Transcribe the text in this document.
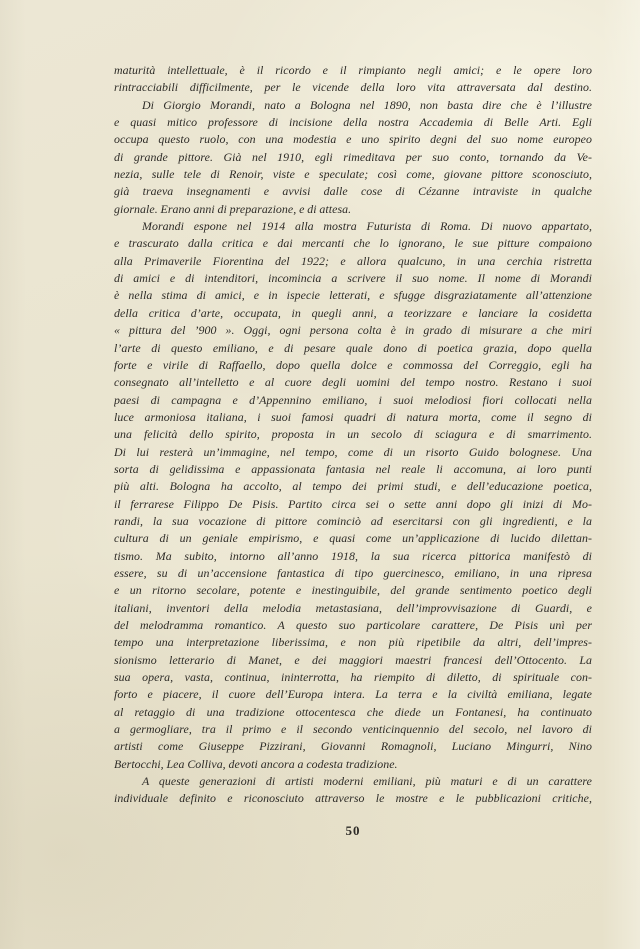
maturità intellettuale, è il ricordo e il rimpianto negli amici; e le opere loro
rintracciabili difficilmente, per le vicende della loro vita attraversata dal destino.
Di Giorgio Morandi, nato a Bologna nel 1890, non basta dire che è l’illustre
e quasi mitico professore di incisione della nostra Accademia di Belle Arti. Egli
occupa questo ruolo, con una modestia e uno spirito degni del suo nome europeo
di grande pittore. Già nel 1910, egli rimeditava per suo conto, tornando da Ve-
nezia, sulle tele di Renoir, viste e speculate; così come, giovane pittore sconosciuto,
già traeva insegnamenti e avvisi dalle cose di Cézanne intraviste in qualche
giornale. Erano anni di preparazione, e di attesa.
Morandi espone nel 1914 alla mostra Futurista di Roma. Di nuovo appartato,
e trascurato dalla critica e dai mercanti che lo ignorano, le sue pitture compaiono
alla Primaverile Fiorentina del 1922; e allora qualcuno, in una cerchia ristretta
di amici e di intenditori, incomincia a scrivere il suo nome. Il nome di Morandi
è nella stima di amici, e in ispecie letterati, e sfugge disgraziatamente all’attenzione
della critica d’arte, occupata, in quegli anni, a teorizzare e lanciare la cosidetta
« pittura del ’900 ». Oggi, ogni persona colta è in grado di misurare a che miri
l’arte di questo emiliano, e di pesare quale dono di poetica grazia, dopo quella
forte e virile di Raffaello, dopo quella dolce e commossa del Correggio, egli ha
consegnato all’intelletto e al cuore degli uomini del tempo nostro. Restano i suoi
paesi di campagna e d’Appennino emiliano, i suoi melodiosi fiori collocati nella
luce armoniosa italiana, i suoi famosi quadri di natura morta, come il segno di
una felicità dello spirito, proposta in un secolo di sciagura e di smarrimento.
Di lui resterà un’immagine, nel tempo, come di un risorto Guido bolognese. Una
sorta di gelidissima e appassionata fantasia nel reale li accomuna, ai loro punti
più alti. Bologna ha accolto, al tempo dei primi studi, e dell’educazione poetica,
il ferrarese Filippo De Pisis. Partito circa sei o sette anni dopo gli inizi di Mo-
randi, la sua vocazione di pittore cominciò ad esercitarsi con gli ingredienti, e la
cultura di un geniale empirismo, e quasi come un’applicazione di lucido dilettan-
tismo. Ma subito, intorno all’anno 1918, la sua ricerca pittorica manifestò di
essere, su di un’accensione fantastica di tipo guercinesco, emiliano, in una ripresa
e un ritorno secolare, potente e inestinguibile, del grande sentimento poetico degli
italiani, inventori della melodia metastasiana, dell’improvvisazione di Guardi, e
del melodramma romantico. A questo suo particolare carattere, De Pisis unì per
tempo una interpretazione liberissima, e non più ripetibile da altri, dell’impres-
sionismo letterario di Manet, e dei maggiori maestri francesi dell’Ottocento. La
sua opera, vasta, continua, ininterrotta, ha riempito di diletto, di spirituale con-
forto e piacere, il cuore dell’Europa intera. La terra e la civiltà emiliana, legate
al retaggio di una tradizione ottocentesca che diede un Fontanesi, ha continuato
a germogliare, tra il primo e il secondo venticinquennio del secolo, nel lavoro di
artisti come Giuseppe Pizzirani, Giovanni Romagnoli, Luciano Mingurri, Nino
Bertocchi, Lea Colliva, devoti ancora a codesta tradizione.
A queste generazioni di artisti moderni emiliani, più maturi e di un carattere
individuale definito e riconosciuto attraverso le mostre e le pubblicazioni critiche,
50
